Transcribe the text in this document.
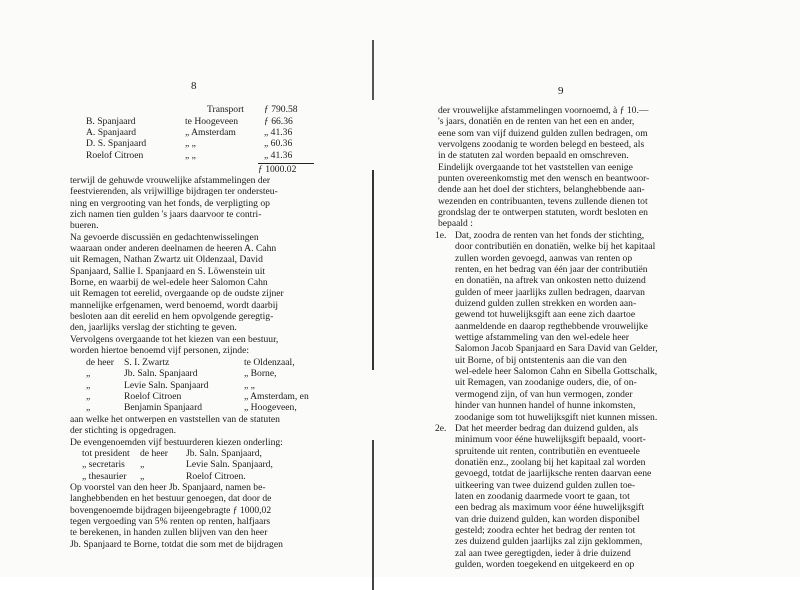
8
Transport ƒ 790.58
B. Spanjaard	te Hoogeveen	ƒ 66.36
A. Spanjaard	„ Amsterdam	„ 41.36
D. S. Spanjaard	„ „	„ 60.36
Roelof Citroen	„ „	„ 41.36
ƒ 1000.02
terwijl de gehuwde vrouwelijke afstammelingen der
feestvierenden, als vrijwillige bijdragen ter ondersteu-
ning en vergrooting van het fonds, de verpligting op
zich namen tien gulden 's jaars daarvoor te contri-
bueren.
Na gevoerde discussiën en gedachtenwisselingen
waaraan onder anderen deelnamen de heeren A. Cahn
uit Remagen, Nathan Zwartz uit Oldenzaal, David
Spanjaard, Sallie I. Spanjaard en S. Löwenstein uit
Borne, en waarbij de wel-edele heer Salomon Cahn
uit Remagen tot eerelid, overgaande op de oudste zijner
mannelijke erfgenamen, werd benoemd, wordt daarbij
besloten aan dit eerelid en hem opvolgende geregtig-
den, jaarlijks verslag der stichting te geven.
Vervolgens overgaande tot het kiezen van een bestuur,
worden hiertoe benoemd vijf personen, zijnde:
de heer S. I. Zwartz	te Oldenzaal,
„	Jb. Saln. Spanjaard	„ Borne,
„	Levie Saln. Spanjaard	„ „
„	Roelof Citroen	„ Amsterdam, en
„	Benjamin Spanjaard	„ Hoogeveen,
aan welke het ontwerpen en vaststellen van de statuten
der stichting is opgedragen.
De evengenoemden vijf bestuurderen kiezen onderling:
tot president de heer Jb. Saln. Spanjaard,
„ secretaris „	Levie Saln. Spanjaard,
„ thesaurier „	Roelof Citroen.
Op voorstel van den heer Jb. Spanjaard, namen be-
langhebbenden en het bestuur genoegen, dat door de
bovengenoemde bijdragen bijeengebragte ƒ 1000,02
tegen vergoeding van 5% renten op renten, halfjaars
te berekenen, in handen zullen blijven van den heer
Jb. Spanjaard te Borne, totdat die som met de bijdragen
9
der vrouwelijke afstammelingen voornoemd, à ƒ 10.—
's jaars, donatiën en de renten van het een en ander,
eene som van vijf duizend gulden zullen bedragen, om
vervolgens zoodanig te worden belegd en besteed, als
in de statuten zal worden bepaald en omschreven.
Eindelijk overgaande tot het vaststellen van eenige
punten overeenkomstig met den wensch en beantwoor-
dende aan het doel der stichters, belanghebbende aan-
wezenden en contribuanten, tevens zullende dienen tot
grondslag der te ontwerpen statuten, wordt besloten en
bepaald :
1e. Dat, zoodra de renten van het fonds der stichting,
door contributiën en donatiën, welke bij het kapitaal
zullen worden gevoegd, aanwas van renten op
renten, en het bedrag van één jaar der contributiën
en donatiën, na aftrek van onkosten netto duizend
gulden of meer jaarlijks zullen bedragen, daarvan
duizend gulden zullen strekken en worden aan-
gewend tot huwelijksgift aan eene zich daartoe
aanmeldende en daarop regthebbende vrouwelijke
wettige afstammeling van den wel-edele heer
Salomon Jacob Spanjaard en Sara David van Gelder,
uit Borne, of bij ontstentenis aan die van den
wel-edele heer Salomon Cahn en Sibella Gottschalk,
uit Remagen, van zoodanige ouders, die, of on-
vermogend zijn, of van hun vermogen, zonder
hinder van hunnen handel of hunne inkomsten,
zoodanige som tot huwelijksgift niet kunnen missen.
2e. Dat het meerder bedrag dan duizend gulden, als
minimum voor ééne huwelijksgift bepaald, voort-
spruitende uit renten, contributiën en eventueele
donatiën enz., zoolang bij het kapitaal zal worden
gevoegd, totdat de jaarlijksche renten daarvan eene
uitkeering van twee duizend gulden zullen toe-
laten en zoodanig daarmede voort te gaan, tot
een bedrag als maximum voor ééne huwelijksgift
van drie duizend gulden, kan worden disponibel
gesteld; zoodra echter het bedrag der renten tot
zes duizend gulden jaarlijks zal zijn geklommen,
zal aan twee geregtigden, ieder à drie duizend
gulden, worden toegekend en uitgekeerd en op
